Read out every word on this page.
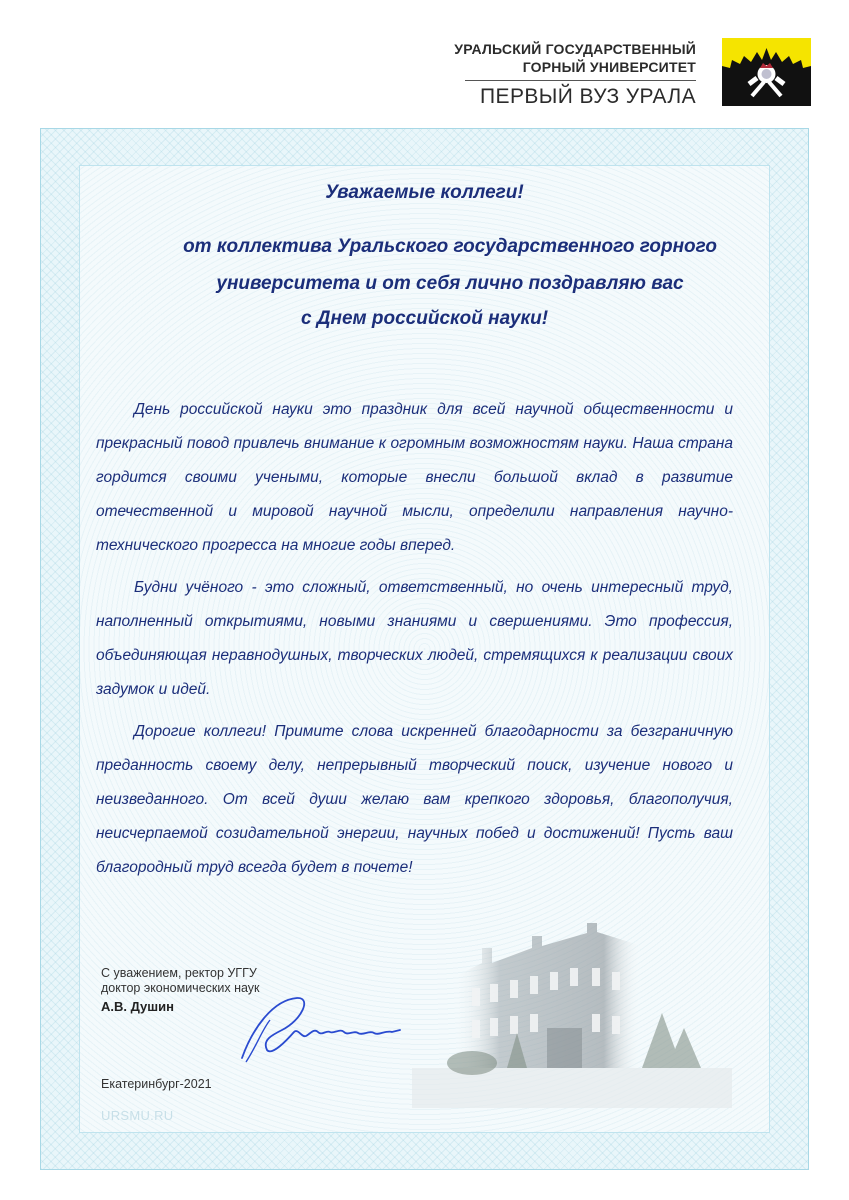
УРАЛЬСКИЙ ГОСУДАРСТВЕННЫЙ
ГОРНЫЙ УНИВЕРСИТЕТ
ПЕРВЫЙ ВУЗ УРАЛА
Уважаемые коллеги!
от коллектива Уральского государственного горного
университета и от себя лично поздравляю вас
с Днем российской науки!

День российской науки это праздник для всей научной общественности и прекрасный повод привлечь внимание к огромным возможностям науки. Наша страна гордится своими учеными, которые внесли большой вклад в развитие отечественной и мировой научной мысли, определили направления научно-технического прогресса на многие годы вперед.

Будни учёного - это сложный, ответственный, но очень интересный труд, наполненный открытиями, новыми знаниями и свершениями. Это профессия, объединяющая неравнодушных, творческих людей, стремящихся к реализации своих задумок и идей.

Дорогие коллеги! Примите слова искренней благодарности за безграничную преданность своему делу, непрерывный творческий поиск, изучение нового и неизведанного. От всей души желаю вам крепкого здоровья, благополучия, неисчерпаемой созидательной энергии, научных побед и достижений! Пусть ваш благородный труд всегда будет в почете!

С уважением, ректор УГГУ
доктор экономических наук
А.В. Душин
Екатеринбург-2021
URSMU.RU
